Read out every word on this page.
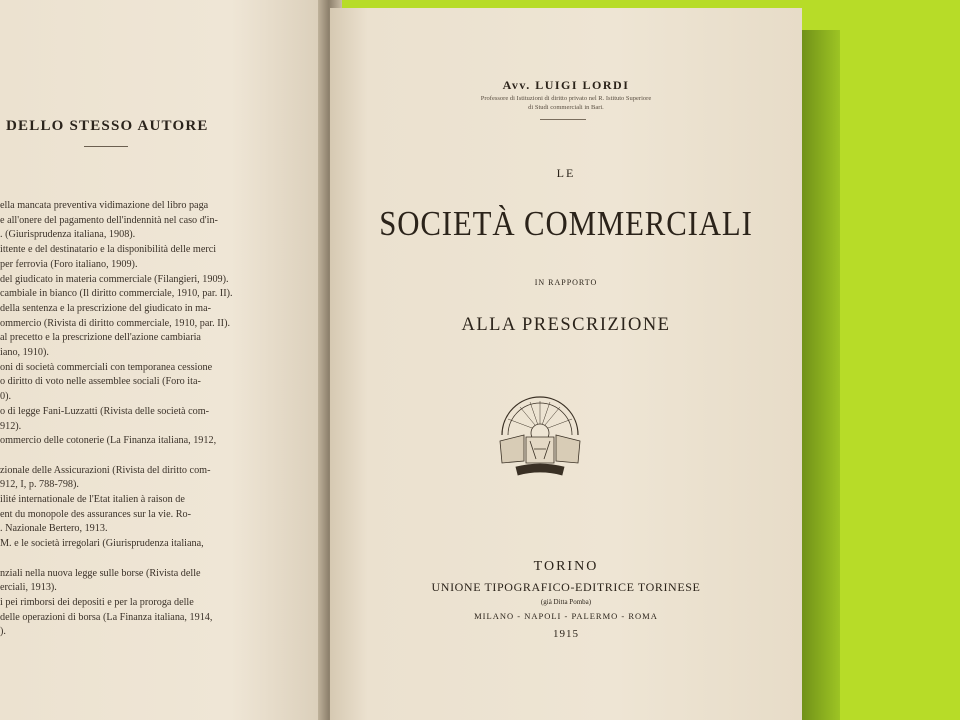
DELLO STESSO AUTORE
ella mancata preventiva vidimazione del libro paga
e all'onere del pagamento dell'indennità nel caso d'in-
. (Giurisprudenza italiana, 1908).
ittente e del destinatario e la disponibilità delle merci
per ferrovia (Foro italiano, 1909).
del giudicato in materia commerciale (Filangieri, 1909).
cambiale in bianco (Il diritto commerciale, 1910, par. II).
della sentenza e la prescrizione del giudicato in ma-
ommercio (Rivista di diritto commerciale, 1910, par. II).
al precetto e la prescrizione dell'azione cambiaria
iano, 1910).
oni di società commerciali con temporanea cessione
o diritto di voto nelle assemblee sociali (Foro ita-
0).
o di legge Fani-Luzzatti (Rivista delle società com-
912).
ommercio delle cotonerie (La Finanza italiana, 1912,
zionale delle Assicurazioni (Rivista del diritto com-
912, I, p. 788-798).
ilité internationale de l'Etat italien à raison de
ent du monopole des assurances sur la vie. Ro-
. Nazionale Bertero, 1913.
M. e le società irregolari (Giurisprudenza italiana,
nziali nella nuova legge sulle borse (Rivista delle
erciali, 1913).
i pei rimborsi dei depositi e per la proroga delle
delle operazioni di borsa (La Finanza italiana, 1914,
).
Avv. LUIGI LORDI
Professore di Istituzioni di diritto privato nel R. Istituto Superiore
di Studi commerciali in Bari.
LE
SOCIETÀ COMMERCIALI
IN RAPPORTO
ALLA PRESCRIZIONE
TORINO
UNIONE TIPOGRAFICO-EDITRICE TORINESE
(già Ditta Pomba)
MILANO - NAPOLI - PALERMO - ROMA
1915
